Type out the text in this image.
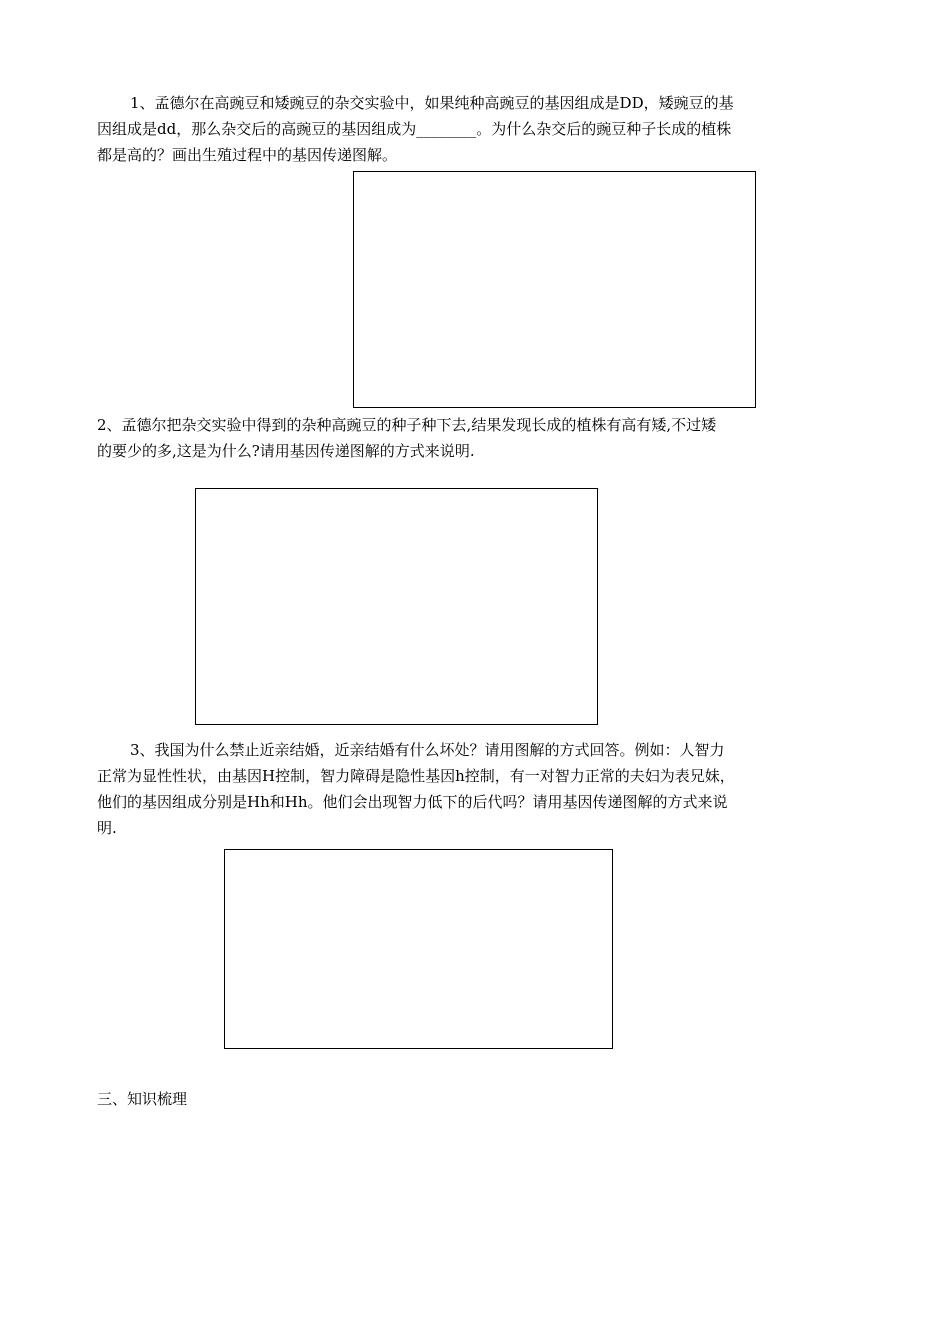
1、孟德尔在高豌豆和矮豌豆的杂交实验中，如果纯种高豌豆的基因组成是DD，矮豌豆的基
因组成是dd，那么杂交后的高豌豆的基因组成为________。为什么杂交后的豌豆种子长成的植株
都是高的？画出生殖过程中的基因传递图解。
2、孟德尔把杂交实验中得到的杂种高豌豆的种子种下去,结果发现长成的植株有高有矮,不过矮
的要少的多,这是为什么?请用基因传递图解的方式来说明.
3、我国为什么禁止近亲结婚，近亲结婚有什么坏处？请用图解的方式回答。例如：人智力
正常为显性性状，由基因H控制，智力障碍是隐性基因h控制，有一对智力正常的夫妇为表兄妹，
他们的基因组成分别是Hh和Hh。他们会出现智力低下的后代吗？请用基因传递图解的方式来说
明.
三、知识梳理
